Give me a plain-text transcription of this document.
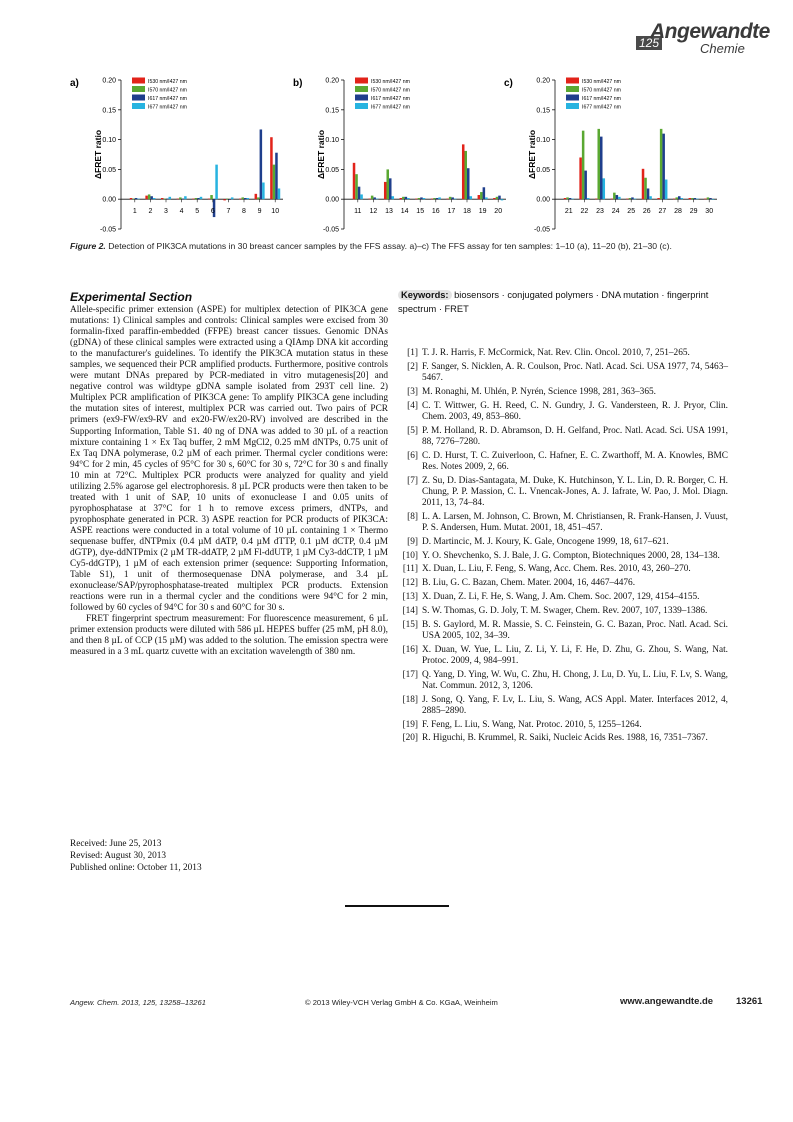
125
Angewandte
Chemie
a)
-0.05
0.00
0.05
0.10
0.15
0.20
ΔFRET ratio
1 2 3 4 5 6 7 8 9 10
I530 nm/I427 nm
I570 nm/I427 nm
I617 nm/I427 nm
I677 nm/I427 nm
b)
-0.05
0.00
0.05
0.10
0.15
0.20
ΔFRET ratio
11 12 13 14 15 16 17 18 19 20
I530 nm/I427 nm
I570 nm/I427 nm
I617 nm/I427 nm
I677 nm/I427 nm
c)
-0.05
0.00
0.05
0.10
0.15
0.20
ΔFRET ratio
21 22 23 24 25 26 27 28 29 30
I530 nm/I427 nm
I570 nm/I427 nm
I617 nm/I427 nm
I677 nm/I427 nm
Figure 2. Detection of PIK3CA mutations in 30 breast cancer samples by the FFS assay. a)–c) The FFS assay for ten samples: 1–10 (a), 11–20 (b), 21–30 (c).
Experimental Section

Allele-specific primer extension (ASPE) for multiplex detection of PIK3CA gene mutations: 1) Clinical samples and controls: Clinical samples were excised from 30 formalin-fixed paraffin-embedded (FFPE) breast cancer tissues. Genomic DNAs (gDNA) of these clinical samples were extracted using a QIAmp DNA kit according to the manufacturer's guidelines. To identify the PIK3CA mutation status in these samples, we sequenced their PCR amplified products. Furthermore, positive controls were mutant DNAs prepared by PCR-mediated in vitro mutagenesis[20] and negative control was wildtype gDNA sample isolated from 293T cell line. 2) Multiplex PCR amplification of PIK3CA gene: To amplify PIK3CA gene including the mutation sites of interest, multiplex PCR was carried out. Two pairs of PCR primers (ex9-FW/ex9-RV and ex20-FW/ex20-RV) involved are described in the Supporting Information, Table S1. 40 ng of DNA was added to 30 µL of a reaction mixture containing 1 × Ex Taq buffer, 2 mM MgCl2, 0.25 mM dNTPs, 0.75 unit of Ex Taq DNA polymerase, 0.2 µM of each primer. Thermal cycler conditions were: 94°C for 2 min, 45 cycles of 95°C for 30 s, 60°C for 30 s, 72°C for 30 s and finally 10 min at 72°C. Multiplex PCR products were analyzed for quality and yield utilizing 2.5% agarose gel electrophoresis. 8 µL PCR products were then taken to be treated with 1 unit of SAP, 10 units of exonuclease I and 0.05 units of pyrophosphatase at 37°C for 1 h to remove excess primers, dNTPs, and pyrophosphate generated in PCR. 3) ASPE reaction for PCR products of PIK3CA: ASPE reactions were conducted in a total volume of 10 µL containing 1 × Thermo sequenase buffer, dNTPmix (0.4 µM dATP, 0.4 µM dTTP, 0.1 µM dCTP, 0.4 µM dGTP), dye-ddNTPmix (2 µM TR-ddATP, 2 µM Fl-ddUTP, 1 µM Cy3-ddCTP, 1 µM Cy5-ddGTP), 1 µM of each extension primer (sequence: Supporting Information, Table S1), 1 unit of thermosequenase DNA polymerase, and 3.4 µL exonuclease/SAP/pyrophosphatase-treated multiplex PCR products. Extension reactions were run in a thermal cycler and the conditions were 94°C for 2 min, followed by 60 cycles of 94°C for 30 s and 60°C for 30 s.

FRET fingerprint spectrum measurement: For fluorescence measurement, 6 µL primer extension products were diluted with 586 µL HEPES buffer (25 mM, pH 8.0), and then 8 µL of CCP (15 µM) was added to the solution. The emission spectra were measured in a 3 mL quartz cuvette with an excitation wavelength of 380 nm.

Received: June 25, 2013
Revised: August 30, 2013
Published online: October 11, 2013
Keywords: biosensors · conjugated polymers · DNA mutation · fingerprint spectrum · FRET
[1] T. J. R. Harris, F. McCormick, Nat. Rev. Clin. Oncol. 2010, 7, 251–265.
[2] F. Sanger, S. Nicklen, A. R. Coulson, Proc. Natl. Acad. Sci. USA 1977, 74, 5463–5467.
[3] M. Ronaghi, M. Uhlén, P. Nyrén, Science 1998, 281, 363–365.
[4] C. T. Wittwer, G. H. Reed, C. N. Gundry, J. G. Vandersteen, R. J. Pryor, Clin. Chem. 2003, 49, 853–860.
[5] P. M. Holland, R. D. Abramson, D. H. Gelfand, Proc. Natl. Acad. Sci. USA 1991, 88, 7276–7280.
[6] C. D. Hurst, T. C. Zuiverloon, C. Hafner, E. C. Zwarthoff, M. A. Knowles, BMC Res. Notes 2009, 2, 66.
[7] Z. Su, D. Dias-Santagata, M. Duke, K. Hutchinson, Y. L. Lin, D. R. Borger, C. H. Chung, P. P. Massion, C. L. Vnencak-Jones, A. J. Iafrate, W. Pao, J. Mol. Diagn. 2011, 13, 74–84.
[8] L. A. Larsen, M. Johnson, C. Brown, M. Christiansen, R. Frank-Hansen, J. Vuust, P. S. Andersen, Hum. Mutat. 2001, 18, 451–457.
[9] D. Martincic, M. J. Koury, K. Gale, Oncogene 1999, 18, 617–621.
[10] Y. O. Shevchenko, S. J. Bale, J. G. Compton, Biotechniques 2000, 28, 134–138.
[11] X. Duan, L. Liu, F. Feng, S. Wang, Acc. Chem. Res. 2010, 43, 260–270.
[12] B. Liu, G. C. Bazan, Chem. Mater. 2004, 16, 4467–4476.
[13] X. Duan, Z. Li, F. He, S. Wang, J. Am. Chem. Soc. 2007, 129, 4154–4155.
[14] S. W. Thomas, G. D. Joly, T. M. Swager, Chem. Rev. 2007, 107, 1339–1386.
[15] B. S. Gaylord, M. R. Massie, S. C. Feinstein, G. C. Bazan, Proc. Natl. Acad. Sci. USA 2005, 102, 34–39.
[16] X. Duan, W. Yue, L. Liu, Z. Li, Y. Li, F. He, D. Zhu, G. Zhou, S. Wang, Nat. Protoc. 2009, 4, 984–991.
[17] Q. Yang, D. Ying, W. Wu, C. Zhu, H. Chong, J. Lu, D. Yu, L. Liu, F. Lv, S. Wang, Nat. Commun. 2012, 3, 1206.
[18] J. Song, Q. Yang, F. Lv, L. Liu, S. Wang, ACS Appl. Mater. Interfaces 2012, 4, 2885–2890.
[19] F. Feng, L. Liu, S. Wang, Nat. Protoc. 2010, 5, 1255–1264.
[20] R. Higuchi, B. Krummel, R. Saiki, Nucleic Acids Res. 1988, 16, 7351–7367.
Angew. Chem. 2013, 125, 13258–13261	© 2013 Wiley-VCH Verlag GmbH & Co. KGaA, Weinheim	www.angewandte.de 13261
